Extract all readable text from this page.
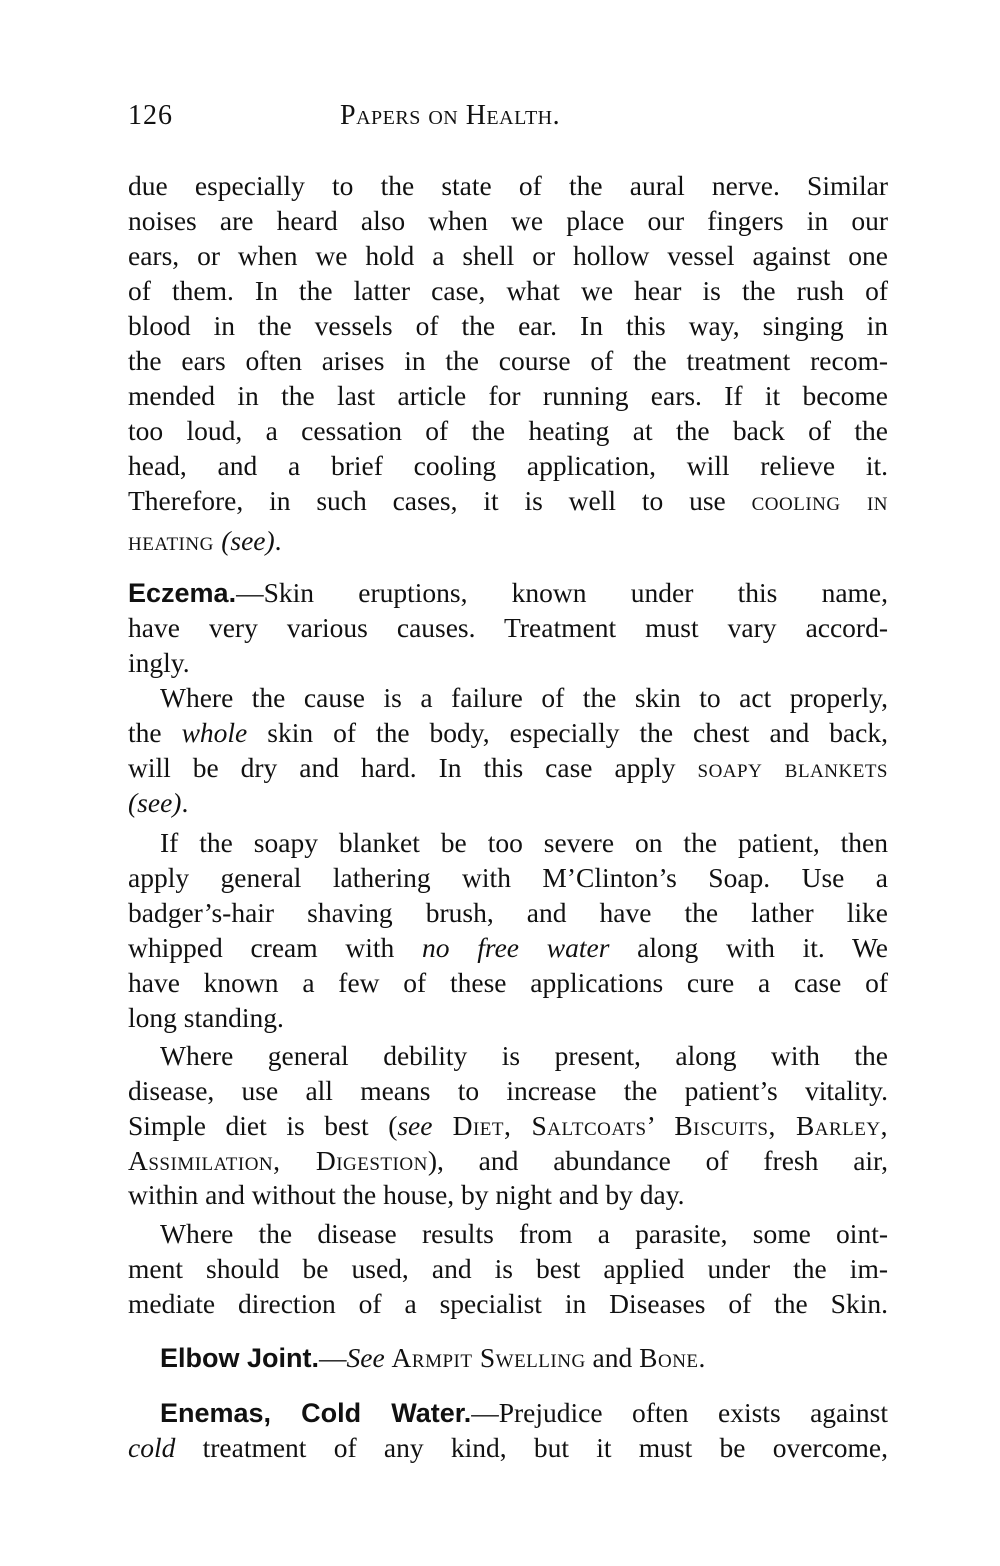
126	Papers on Health.
due especially to the state of the aural nerve. Similar
noises are heard also when we place our fingers in our
ears, or when we hold a shell or hollow vessel against one
of them. In the latter case, what we hear is the rush of
blood in the vessels of the ear. In this way, singing in
the ears often arises in the course of the treatment recom-
mended in the last article for running ears. If it become
too loud, a cessation of the heating at the back of the
head, and a brief cooling application, will relieve it.
Therefore, in such cases, it is well to use cooling in
heating (see).
Eczema.—Skin eruptions, known under this name,
have very various causes. Treatment must vary accord-
ingly.
Where the cause is a failure of the skin to act properly,
the whole skin of the body, especially the chest and back,
will be dry and hard. In this case apply soapy blankets
(see).
If the soapy blanket be too severe on the patient, then
apply general lathering with M’Clinton’s Soap. Use a
badger’s-hair shaving brush, and have the lather like
whipped cream with no free water along with it. We
have known a few of these applications cure a case of
long standing.
Where general debility is present, along with the
disease, use all means to increase the patient’s vitality.
Simple diet is best (see Diet, Saltcoats’ Biscuits, Barley,
Assimilation, Digestion), and abundance of fresh air,
within and without the house, by night and by day.
Where the disease results from a parasite, some oint-
ment should be used, and is best applied under the im-
mediate direction of a specialist in Diseases of the Skin.
Elbow Joint.—See Armpit Swelling and Bone.
Enemas, Cold Water.—Prejudice often exists against
cold treatment of any kind, but it must be overcome,
